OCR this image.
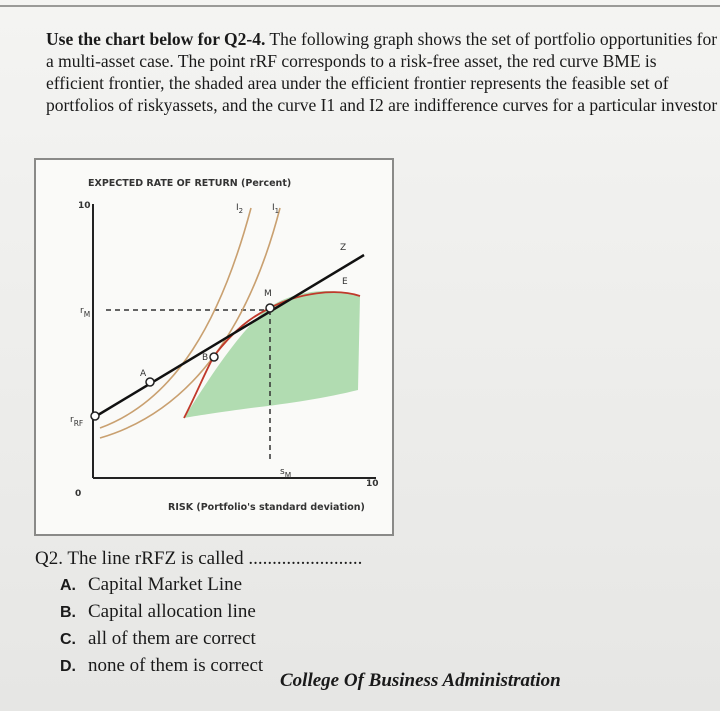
Use the chart below for Q2-4. The following graph shows the set of portfolio opportunities for a multi-asset case. The point rRF corresponds to a risk-free asset, the red curve BME is efficient frontier, the shaded area under the efficient frontier represents the feasible set of portfolios of riskyassets, and the curve I1 and I2 are indifference curves for a particular investor
EXPECTED RATE OF RETURN (Percent)
10
0
10
RISK (Portfolio's standard deviation)
$r_M$
$r_{RF}$
$s_M$
A
B
M
E
Z
$I_2$	$I_1$
Q2. The line rRFZ is called ........................
A. Capital Market Line
B. Capital allocation line
C. all of them are correct
D. none of them is correct
College Of Business Administration
